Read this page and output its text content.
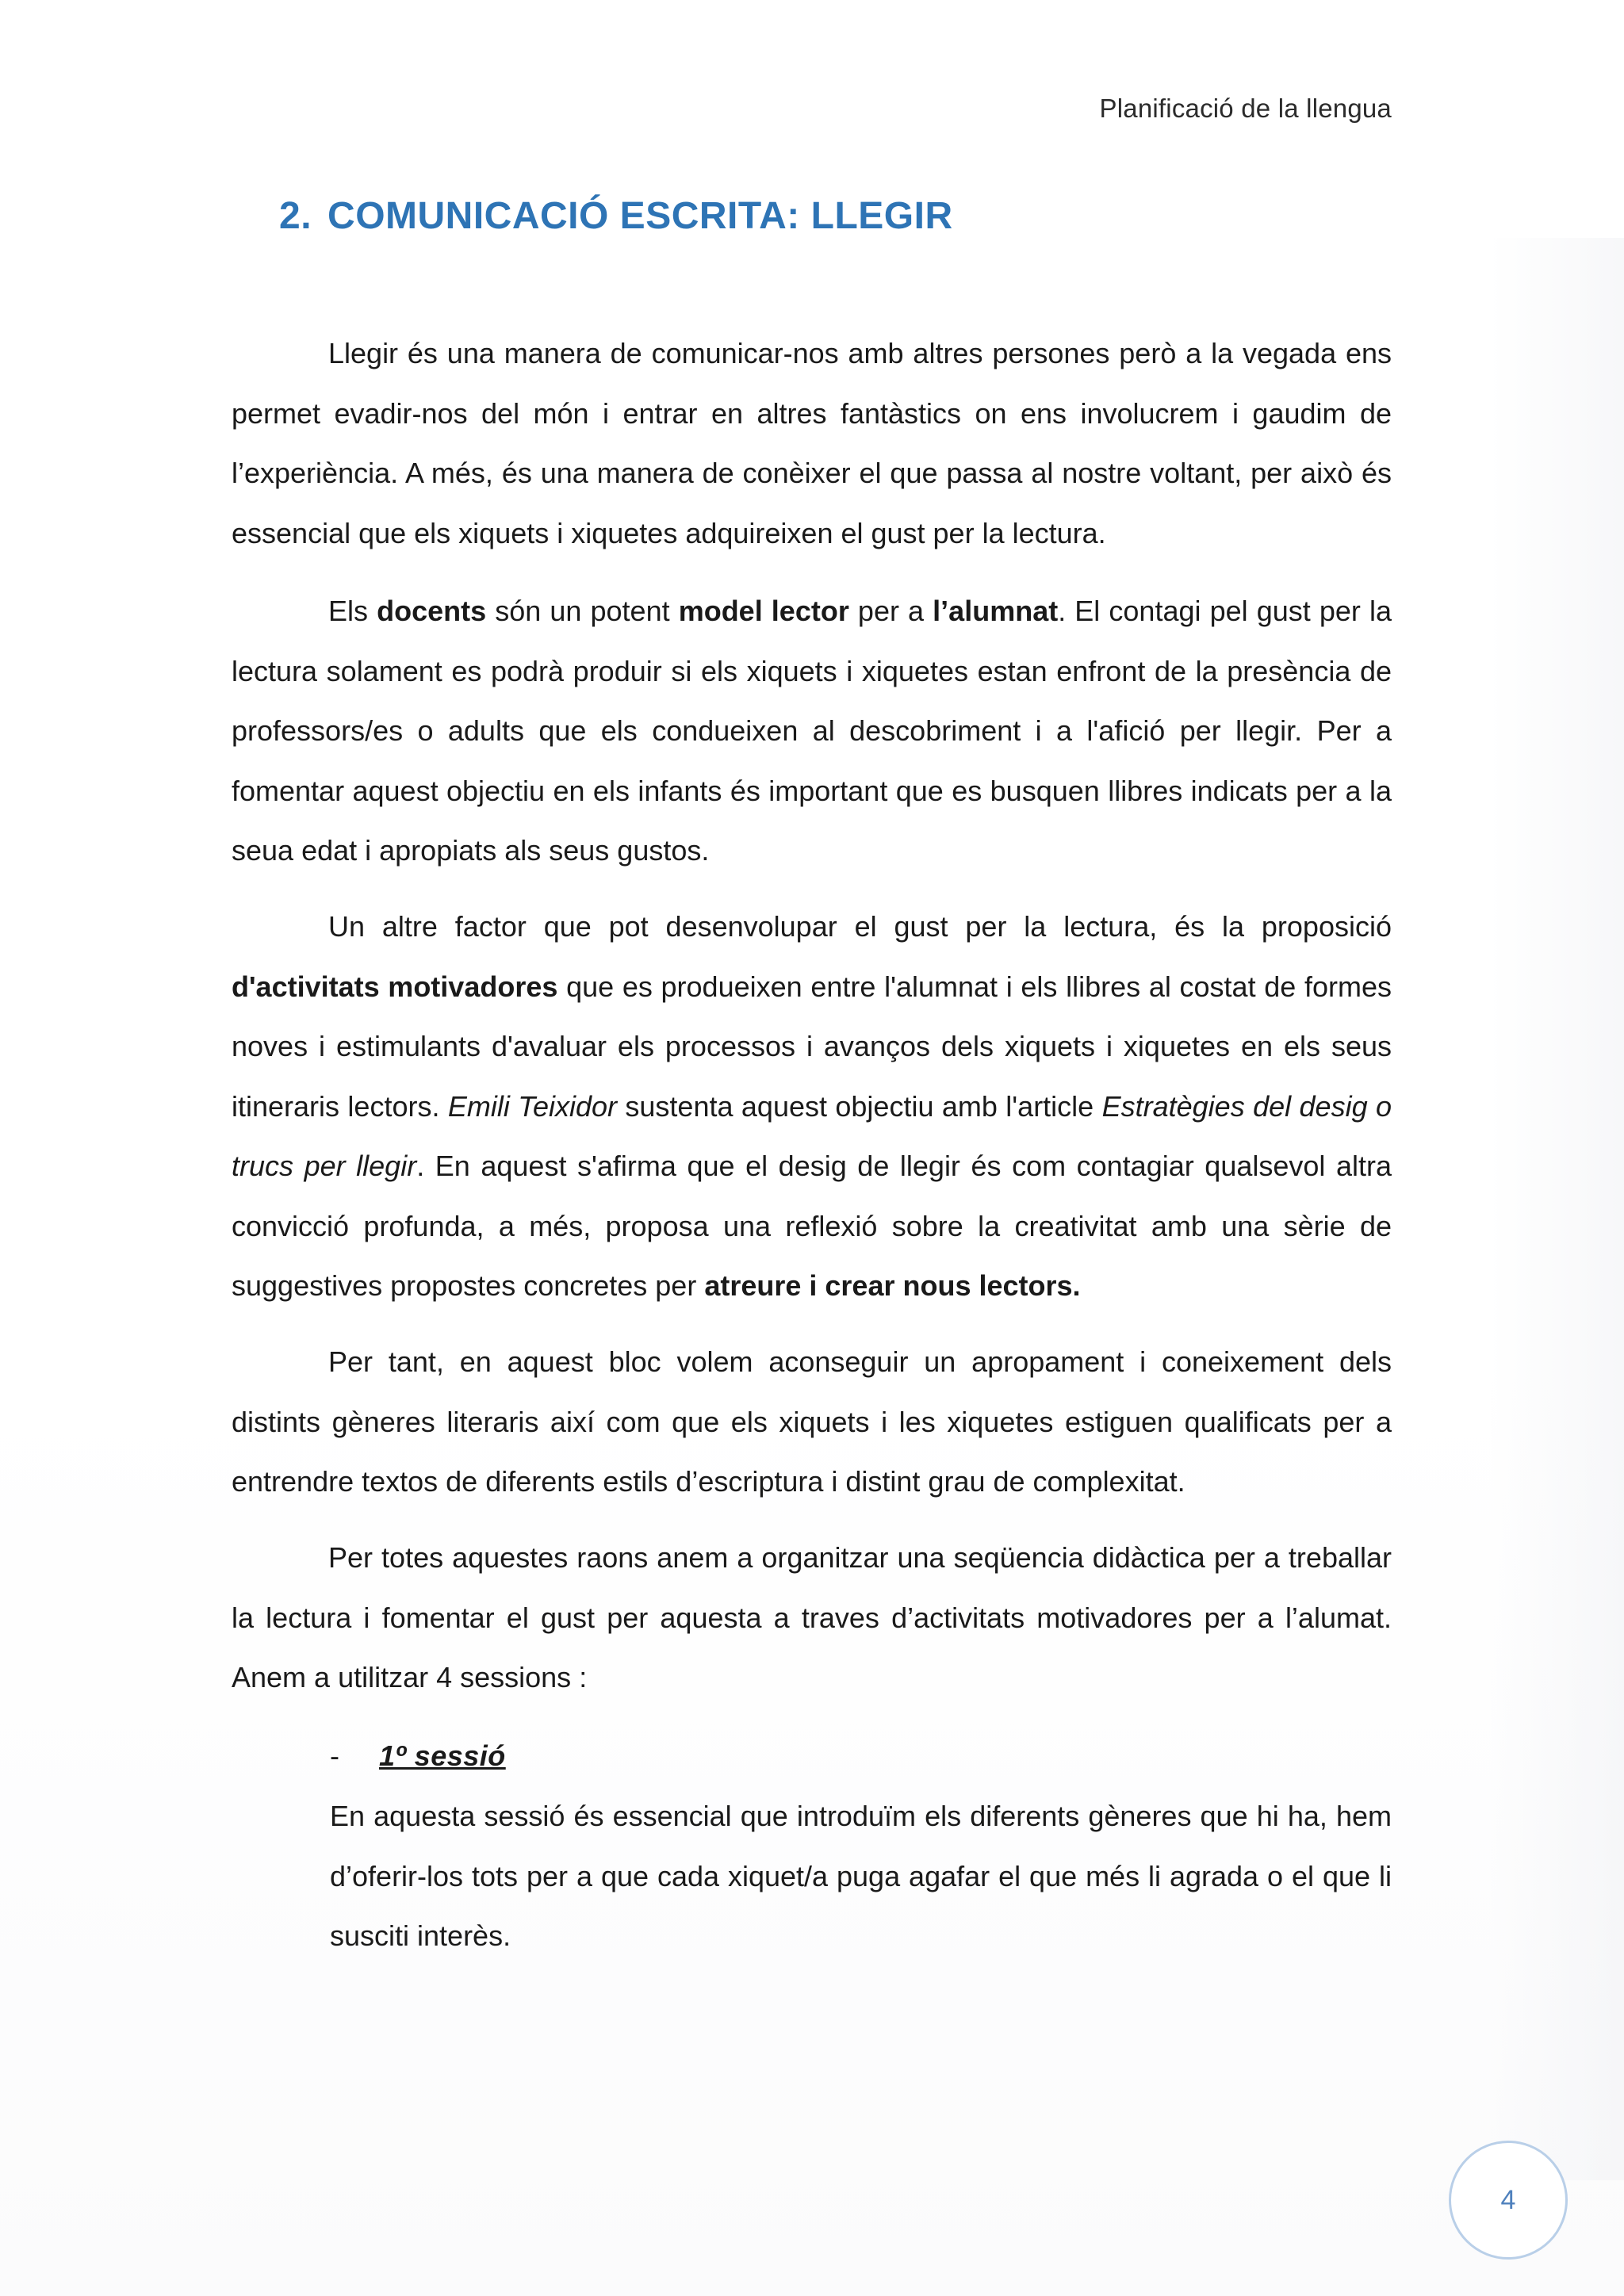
Planificació de la llengua
2. COMUNICACIÓ ESCRITA: LLEGIR

Llegir és una manera de comunicar-nos amb altres persones però a la vegada ens permet evadir-nos del món i entrar en altres fantàstics on ens involucrem i gaudim de l’experiència. A més, és una manera de conèixer el que passa al nostre voltant, per això és essencial que els xiquets i xiquetes adquireixen el gust per la lectura.

Els docents són un potent model lector per a l’alumnat. El contagi pel gust per la lectura solament es podrà produir si els xiquets i xiquetes estan enfront de la presència de professors/es o adults que els condueixen al descobriment i a l'afició per llegir. Per a fomentar aquest objectiu en els infants és important que es busquen llibres indicats per a la seua edat i apropiats als seus gustos.

Un altre factor que pot desenvolupar el gust per la lectura, és la proposició d'activitats motivadores que es produeixen entre l'alumnat i els llibres al costat de formes noves i estimulants d'avaluar els processos i avanços dels xiquets i xiquetes en els seus itineraris lectors. Emili Teixidor sustenta aquest objectiu amb l'article Estratègies del desig o trucs per llegir. En aquest s'afirma que el desig de llegir és com contagiar qualsevol altra convicció profunda, a més, proposa una reflexió sobre la creativitat amb una sèrie de suggestives propostes concretes per atreure i crear nous lectors.

Per tant, en aquest bloc volem aconseguir un apropament i coneixement dels distints gèneres literaris així com que els xiquets i les xiquetes estiguen qualificats per a entrendre textos de diferents estils d’escriptura i distint grau de complexitat.

Per totes aquestes raons anem a organitzar una seqüencia didàctica per a treballar la lectura i fomentar el gust per aquesta a traves d’activitats motivadores per a l’alumat. Anem a utilitzar 4 sessions :

-	1º sessió
En aquesta sessió és essencial que introduïm els diferents gèneres que hi ha, hem d’oferir-los tots per a que cada xiquet/a puga agafar el que més li agrada o el que li susciti interès.
4
